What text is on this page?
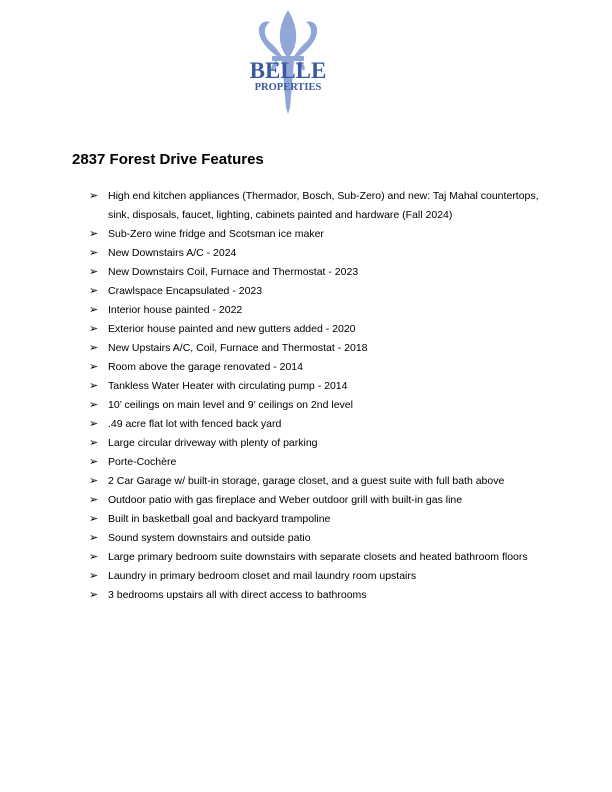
BELLE
PROPERTIES
2837 Forest Drive Features
➢ High end kitchen appliances (Thermador, Bosch, Sub-Zero) and new: Taj Mahal countertops, sink, disposals, faucet, lighting, cabinets painted and hardware (Fall 2024)
➢ Sub-Zero wine fridge and Scotsman ice maker
➢ New Downstairs A/C - 2024
➢ New Downstairs Coil, Furnace and Thermostat - 2023
➢ Crawlspace Encapsulated - 2023
➢ Interior house painted - 2022
➢ Exterior house painted and new gutters added - 2020
➢ New Upstairs A/C, Coil, Furnace and Thermostat - 2018
➢ Room above the garage renovated - 2014
➢ Tankless Water Heater with circulating pump - 2014
➢ 10’ ceilings on main level and 9’ ceilings on 2nd level
➢ .49 acre flat lot with fenced back yard
➢ Large circular driveway with plenty of parking
➢ Porte-Cochère
➢ 2 Car Garage w/ built-in storage, garage closet, and a guest suite with full bath above
➢ Outdoor patio with gas fireplace and Weber outdoor grill with built-in gas line
➢ Built in basketball goal and backyard trampoline
➢ Sound system downstairs and outside patio
➢ Large primary bedroom suite downstairs with separate closets and heated bathroom floors
➢ Laundry in primary bedroom closet and mail laundry room upstairs
➢ 3 bedrooms upstairs all with direct access to bathrooms
